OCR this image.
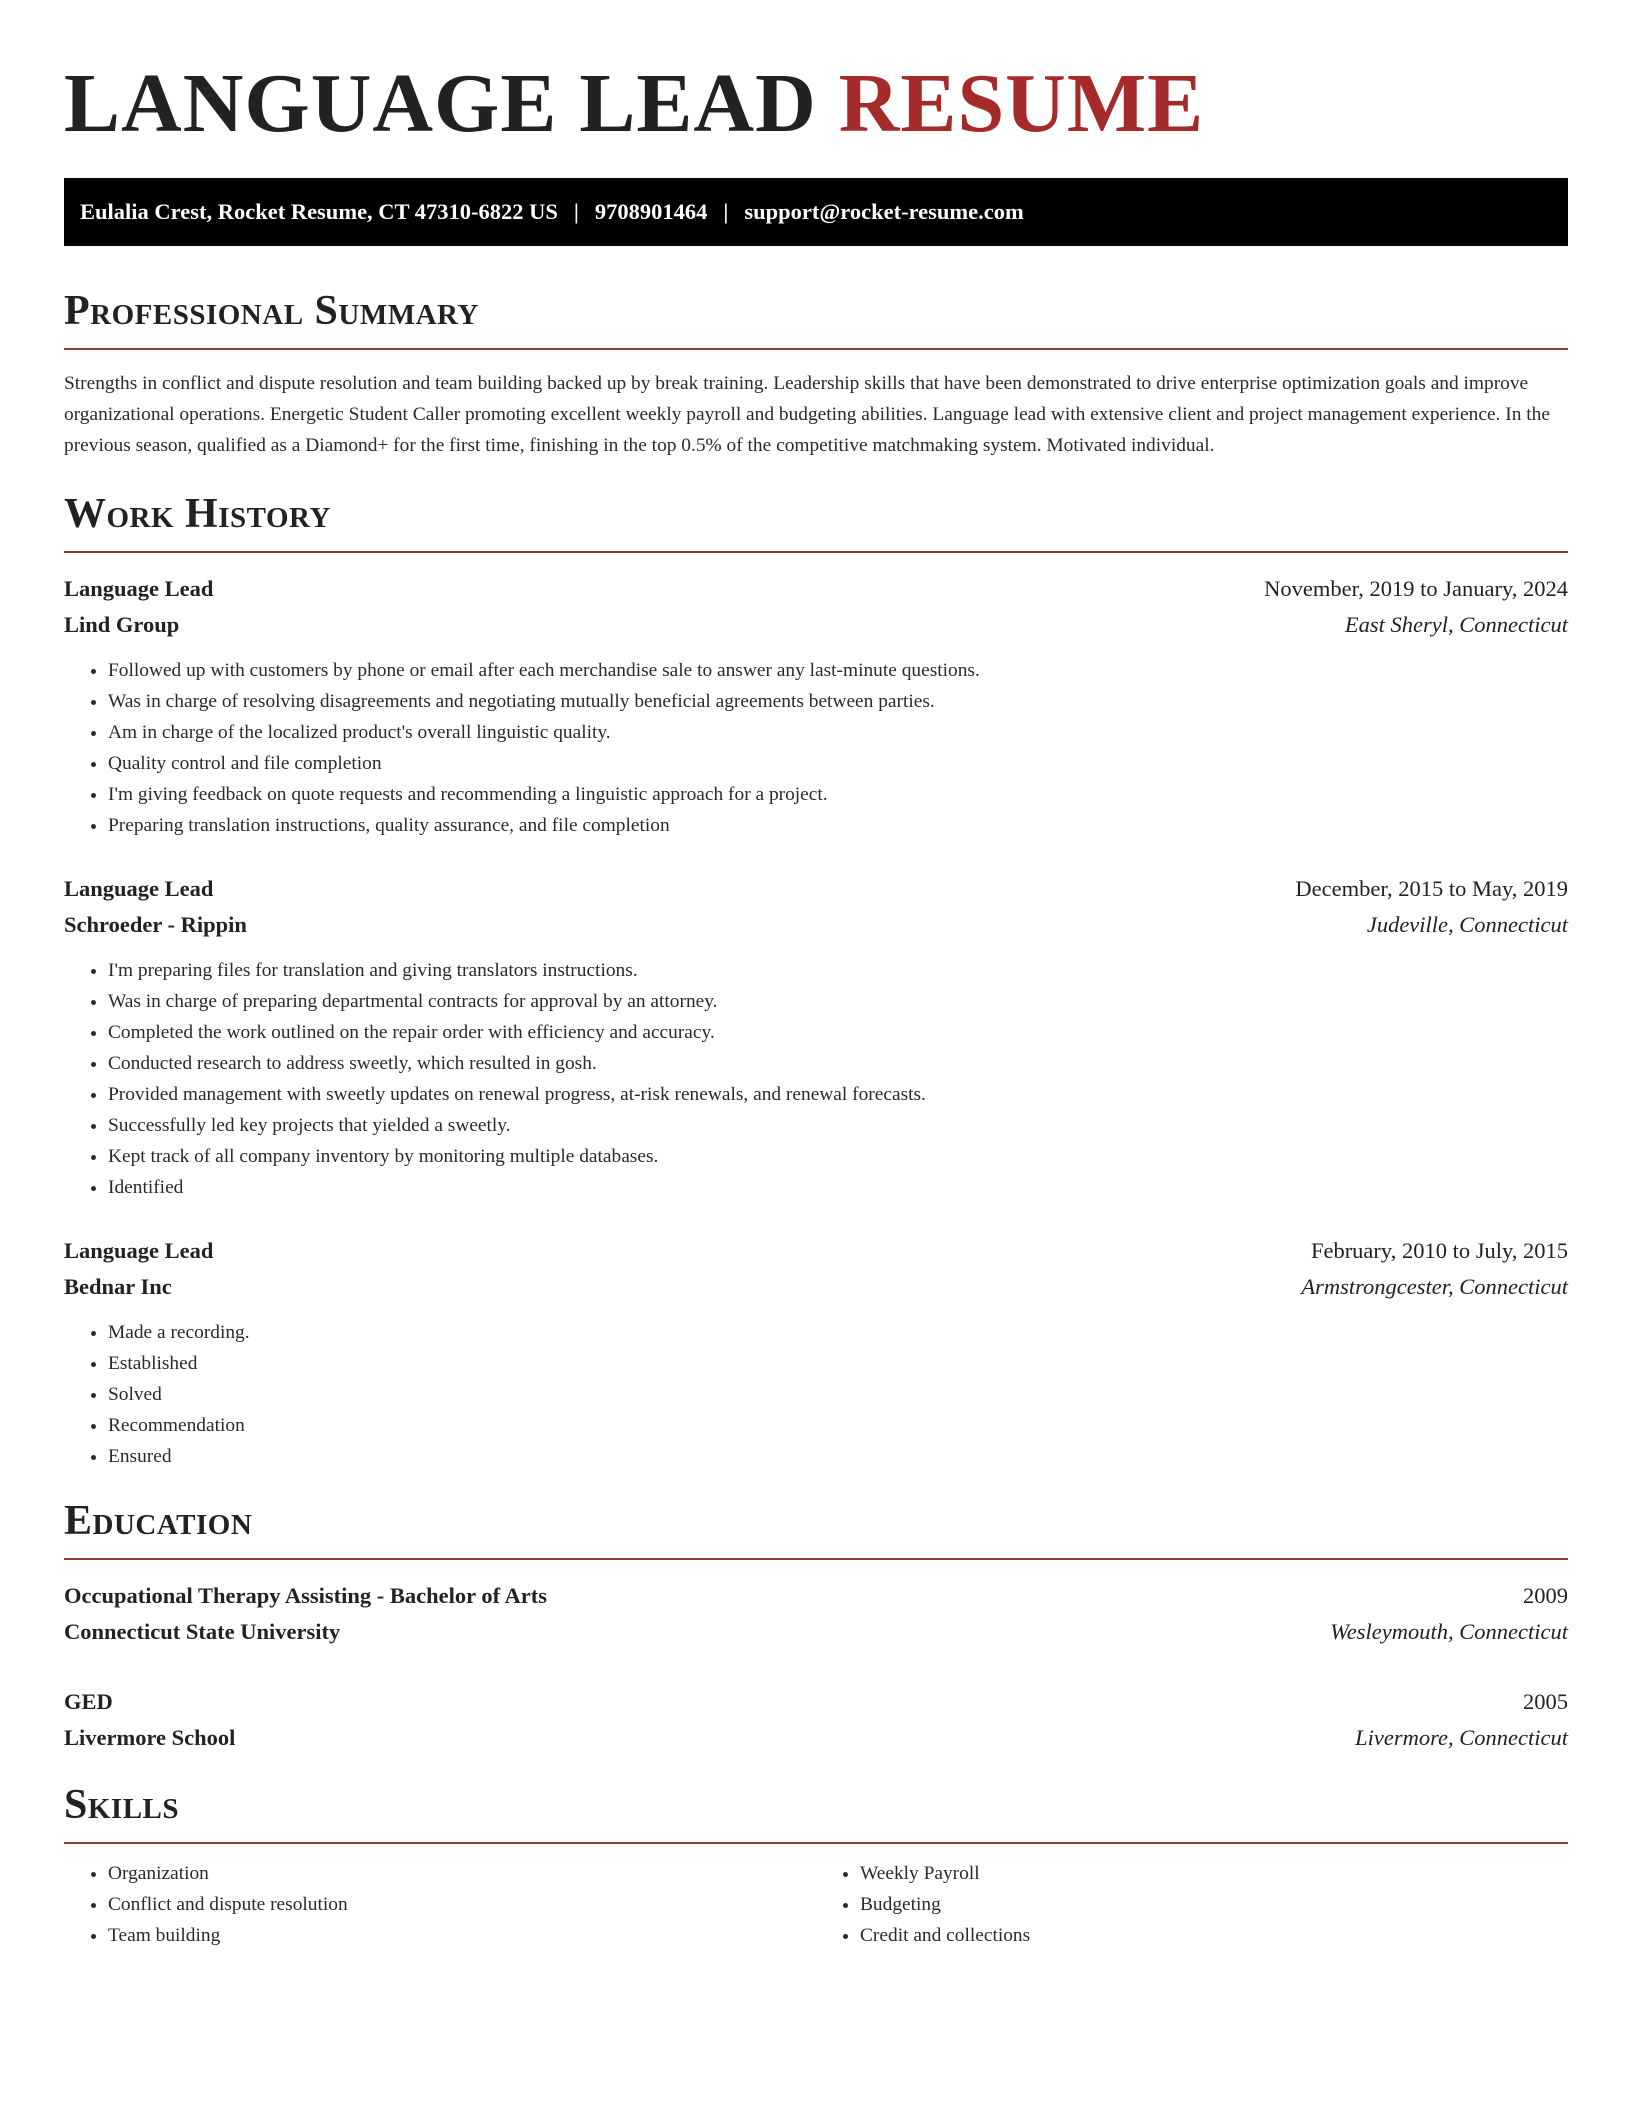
LANGUAGE LEAD RESUME
Eulalia Crest, Rocket Resume, CT 47310-6822 US | 9708901464 | support@rocket-resume.com
Professional Summary

Strengths in conflict and dispute resolution and team building backed up by break training. Leadership skills that have been demonstrated to drive enterprise optimization goals and improve organizational operations. Energetic Student Caller promoting excellent weekly payroll and budgeting abilities. Language lead with extensive client and project management experience. In the previous season, qualified as a Diamond+ for the first time, finishing in the top 0.5% of the competitive matchmaking system. Motivated individual.

Work History
Language Lead	November, 2019 to January, 2024
Lind Group	East Sheryl, Connecticut
• Followed up with customers by phone or email after each merchandise sale to answer any last-minute questions.
• Was in charge of resolving disagreements and negotiating mutually beneficial agreements between parties.
• Am in charge of the localized product's overall linguistic quality.
• Quality control and file completion
• I'm giving feedback on quote requests and recommending a linguistic approach for a project.
• Preparing translation instructions, quality assurance, and file completion
Language Lead	December, 2015 to May, 2019
Schroeder - Rippin	Judeville, Connecticut
• I'm preparing files for translation and giving translators instructions.
• Was in charge of preparing departmental contracts for approval by an attorney.
• Completed the work outlined on the repair order with efficiency and accuracy.
• Conducted research to address sweetly, which resulted in gosh.
• Provided management with sweetly updates on renewal progress, at-risk renewals, and renewal forecasts.
• Successfully led key projects that yielded a sweetly.
• Kept track of all company inventory by monitoring multiple databases.
• Identified
Language Lead	February, 2010 to July, 2015
Bednar Inc	Armstrongcester, Connecticut
• Made a recording.
• Established
• Solved
• Recommendation
• Ensured
Education
Occupational Therapy Assisting - Bachelor of Arts	2009
Connecticut State University	Wesleymouth, Connecticut
GED	2005
Livermore School	Livermore, Connecticut
Skills
• Organization
• Conflict and dispute resolution
• Team building
• Weekly Payroll
• Budgeting
• Credit and collections
